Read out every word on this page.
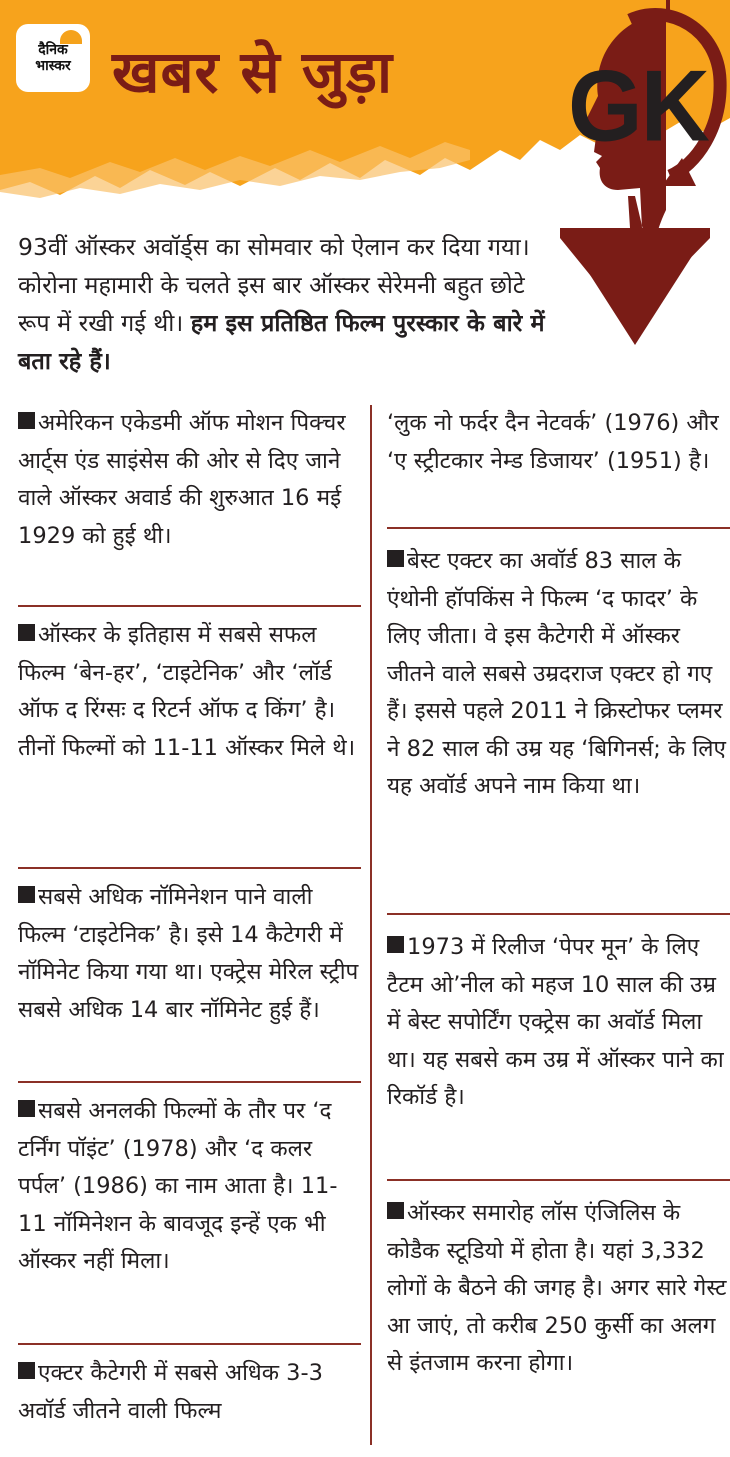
दैनिक
भास्कर खबर से जुड़ा GK
93वीं ऑस्कर अवॉर्ड्स का सोमवार को ऐलान कर दिया गया। कोरोना महामारी के चलते इस बार ऑस्कर सेरेमनी बहुत छोटे रूप में रखी गई थी। हम इस प्रतिष्ठित फिल्म पुरस्कार के बारे में बता रहे हैं।
अमेरिकन एकेडमी ऑफ मोशन पिक्चर आर्ट्स एंड साइंसेस की ओर से दिए जाने वाले ऑस्कर अवार्ड की शुरुआत 16 मई 1929 को हुई थी।
ऑस्कर के इतिहास में सबसे सफल फिल्म ‘बेन-हर’, ‘टाइटेनिक’ और ‘लॉर्ड ऑफ द रिंग्सः द रिटर्न ऑफ द किंग’ है। तीनों फिल्मों को 11-11 ऑस्कर मिले थे।
सबसे अधिक नॉमिनेशन पाने वाली फिल्म ‘टाइटेनिक’ है। इसे 14 कैटेगरी में नॉमिनेट किया गया था। एक्ट्रेस मेरिल स्ट्रीप सबसे अधिक 14 बार नॉमिनेट हुई हैं।
सबसे अनलकी फिल्मों के तौर पर ‘द टर्निंग पॉइंट’ (1978) और ‘द कलर पर्पल’ (1986) का नाम आता है। 11-11 नॉमिनेशन के बावजूद इन्हें एक भी ऑस्कर नहीं मिला।
एक्टर कैटेगरी में सबसे अधिक 3-3 अवॉर्ड जीतने वाली फिल्म
‘लुक नो फर्दर दैन नेटवर्क’ (1976) और ‘ए स्ट्रीटकार नेम्ड डिजायर’ (1951) है।
बेस्ट एक्टर का अवॉर्ड 83 साल के एंथोनी हॉपकिंस ने फिल्म ‘द फादर’ के लिए जीता। वे इस कैटेगरी में ऑस्कर जीतने वाले सबसे उम्रदराज एक्टर हो गए हैं। इससे पहले 2011 ने क्रिस्टोफर प्लमर ने 82 साल की उम्र यह ‘बिगिनर्स; के लिए यह अवॉर्ड अपने नाम किया था।
1973 में रिलीज ‘पेपर मून’ के लिए टैटम ओ’नील को महज 10 साल की उम्र में बेस्ट सपोर्टिंग एक्ट्रेस का अवॉर्ड मिला था। यह सबसे कम उम्र में ऑस्कर पाने का रिकॉर्ड है।
ऑस्कर समारोह लॉस एंजिलिस के कोडैक स्टूडियो में होता है। यहां 3,332 लोगों के बैठने की जगह है। अगर सारे गेस्ट आ जाएं, तो करीब 250 कुर्सी का अलग से इंतजाम करना होगा।
